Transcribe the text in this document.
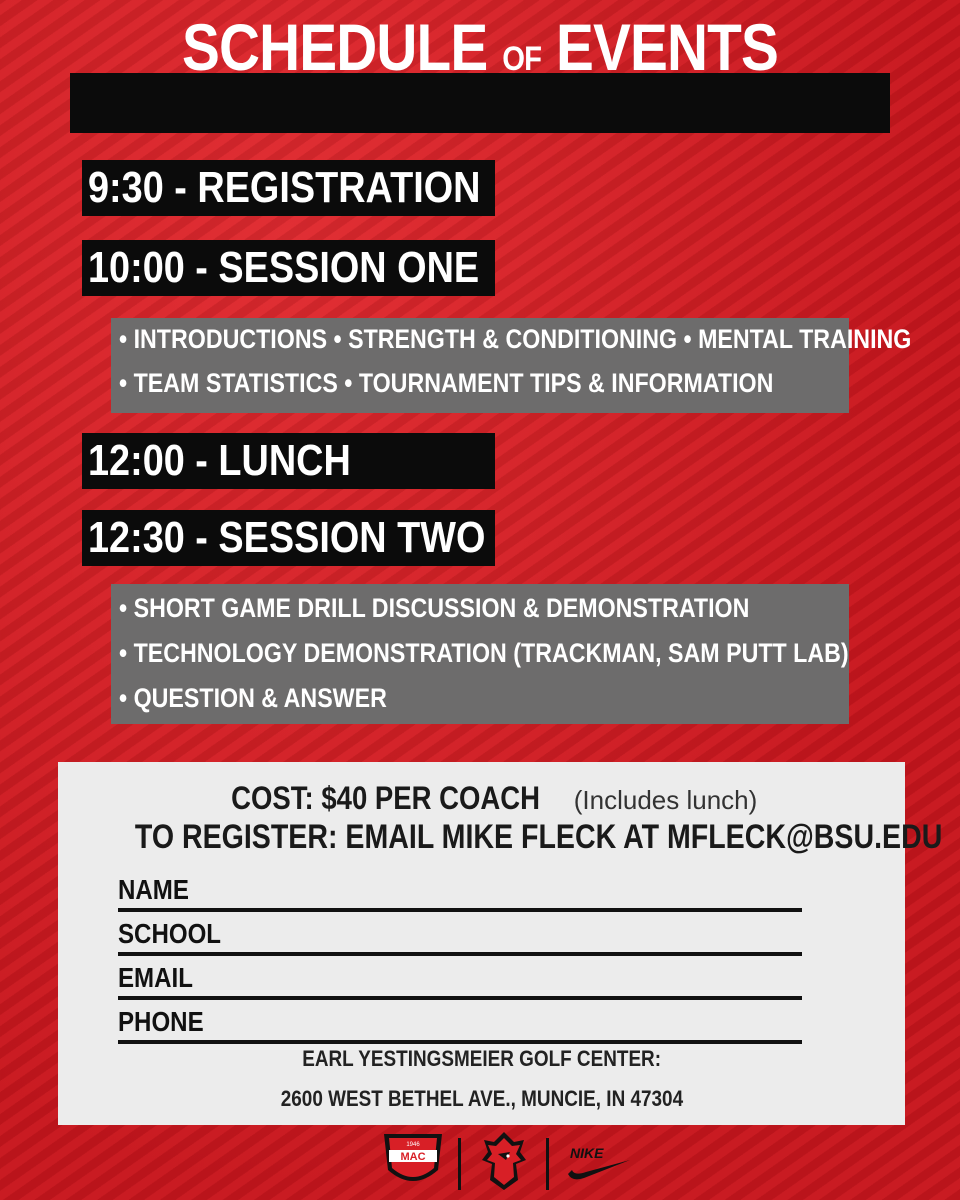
SCHEDULE OF EVENTS
9:30 - REGISTRATION
10:00 - SESSION ONE
• INTRODUCTIONS • STRENGTH & CONDITIONING • MENTAL TRAINING
• TEAM STATISTICS • TOURNAMENT TIPS & INFORMATION
12:00 - LUNCH
12:30 - SESSION TWO
• SHORT GAME DRILL DISCUSSION & DEMONSTRATION
• TECHNOLOGY DEMONSTRATION (TRACKMAN, SAM PUTT LAB)
• QUESTION & ANSWER
COST: $40 PER COACH (Includes lunch)
TO REGISTER: EMAIL MIKE FLECK AT MFLECK@BSU.EDU
NAME
SCHOOL
EMAIL
PHONE
EARL YESTINGSMEIER GOLF CENTER:
2600 WEST BETHEL AVE., MUNCIE, IN 47304
MAC
1946	NIKE
